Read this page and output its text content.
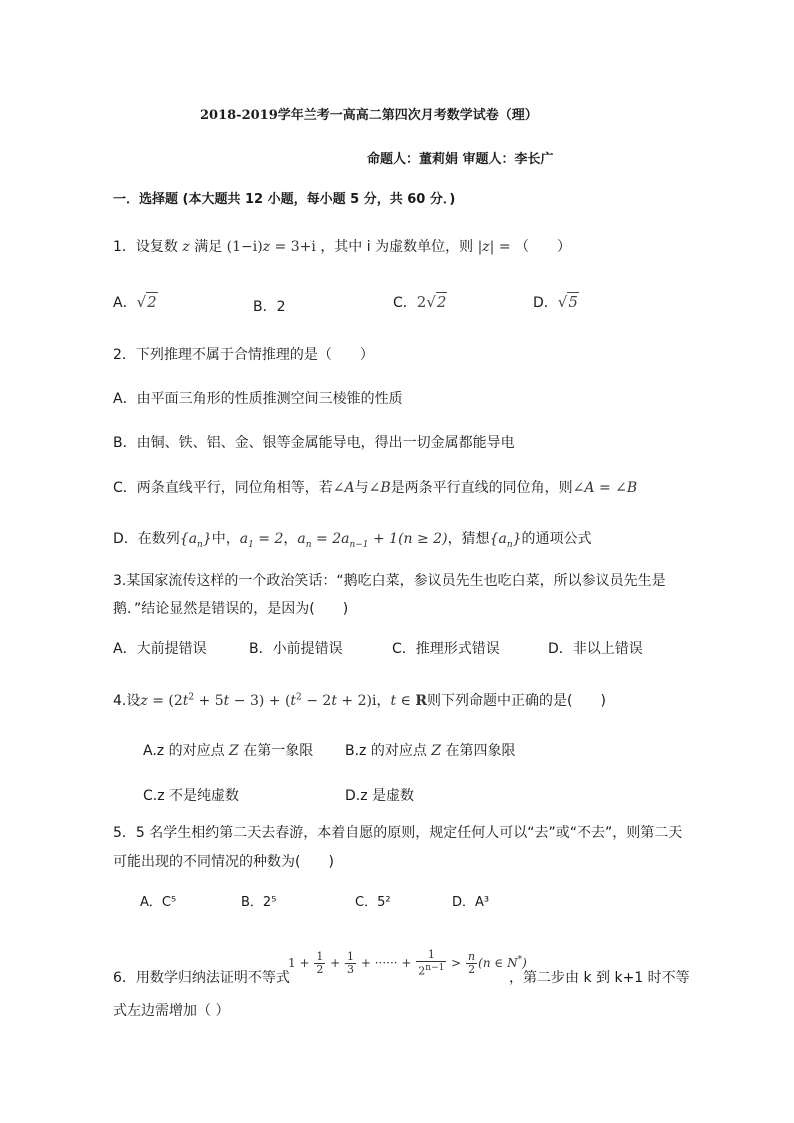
2018-2019学年兰考一高高二第四次月考数学试卷（理）
命题人：董莉娟 审题人：李长广
一．选择题 (本大题共 12 小题，每小题 5 分，共 60 分．)
1．设复数 z 满足 (1−i)z = 3+i ，其中 i 为虚数单位，则 |z| = （　　）
A．√2	B．2	C．2√2	D．√5
2．下列推理不属于合情推理的是（　　）
A．由平面三角形的性质推测空间三棱锥的性质
B．由铜、铁、铝、金、银等金属能导电，得出一切金属都能导电
C．两条直线平行，同位角相等，若∠A与∠B是两条平行直线的同位角，则∠A = ∠B
D．在数列$\{a_n\}$中，$a_1 = 2$，$a_n = 2a_{n-1} + 1(n \ge 2)$，猜想$\{a_n\}$的通项公式
3.某国家流传这样的一个政治笑话：“鹅吃白菜，参议员先生也吃白菜，所以参议员先生是
鹅．”结论显然是错误的，是因为(　　)
A．大前提错误	B．小前提错误	C．推理形式错误	D．非以上错误
4.设$z = (2t^2 + 5t - 3) + (t^2 - 2t + 2)i$，t ∈ R则下列命题中正确的是(　　)
A.z 的对应点 Z 在第一象限 B.z 的对应点 Z 在第四象限
C.z 不是纯虚数	D.z 是虚数
5．5 名学生相约第二天去春游，本着自愿的原则，规定任何人可以“去”或“不去”，则第二天
可能出现的不同情况的种数为(　　)
A．C⁵	B．2⁵	C．5²	D．A³
6．用数学归纳法证明不等式
$1 + \frac{1}{2} + \frac{1}{3}$ + ······ + $\frac{1}{2^{n-1}} > \frac{n}{2} (n$ ∈ N*)
，第二步由 k 到 k+1 时不等
式左边需增加（ ）
